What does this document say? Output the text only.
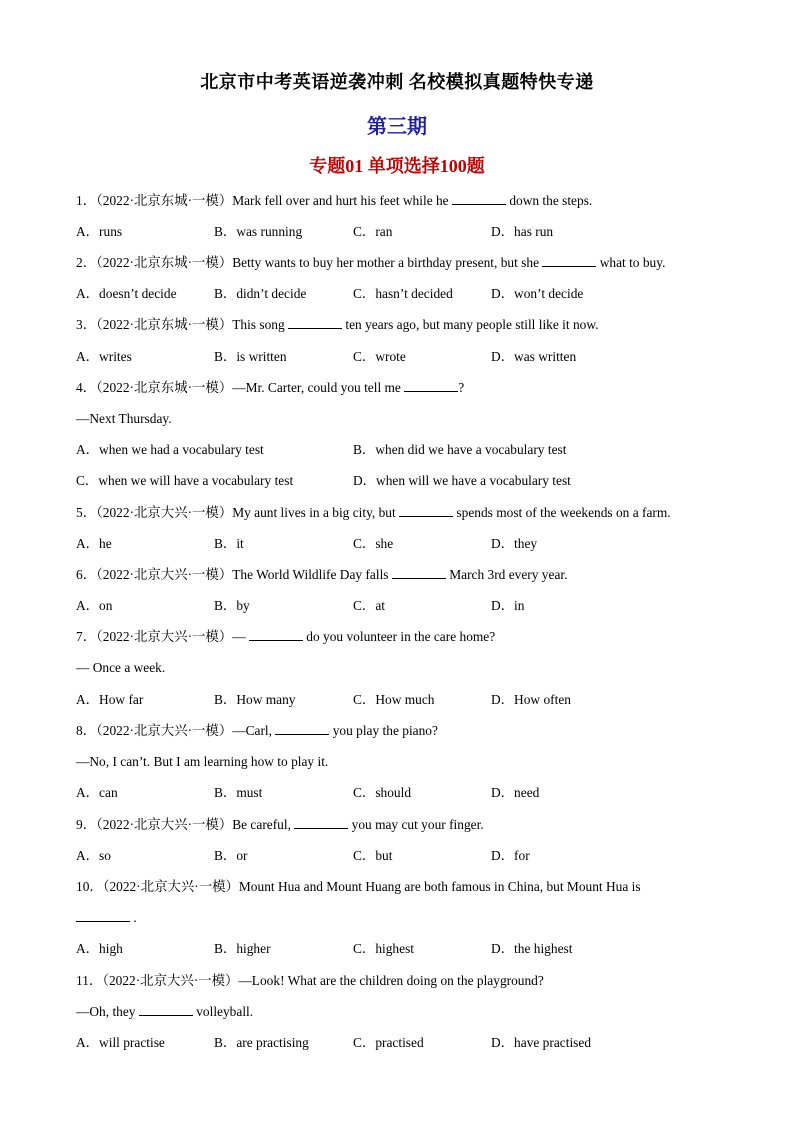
北京市中考英语逆袭冲刺 名校模拟真题特快专递
第三期
专题01 单项选择100题
1．（2022·北京东城·一模）Mark fell over and hurt his feet while he	down the steps.
A．runs	B．was running	C．ran	D．has run
2．（2022·北京东城·一模）Betty wants to buy her mother a birthday present, but she	what to buy.
A．doesn’t decide	B．didn’t decide	C．hasn’t decided	D．won’t decide
3．（2022·北京东城·一模）This song	ten years ago, but many people still like it now.
A．writes	B．is written	C．wrote	D．was written
4．（2022·北京东城·一模）—Mr. Carter, could you tell me	?
—Next Thursday.
A．when we had a vocabulary test	B．when did we have a vocabulary test
C．when we will have a vocabulary test	D．when will we have a vocabulary test
5．（2022·北京大兴·一模）My aunt lives in a big city, but	spends most of the weekends on a farm.
A．he	B．it	C．she	D．they
6．（2022·北京大兴·一模）The World Wildlife Day falls	March 3rd every year.
A．on	B．by	C．at	D．in
7．（2022·北京大兴·一模）—	do you volunteer in the care home?
— Once a week.
A．How far	B．How many	C．How much	D．How often
8．（2022·北京大兴·一模）—Carl,	you play the piano?
—No, I can’t. But I am learning how to play it.
A．can	B．must	C．should	D．need
9．（2022·北京大兴·一模）Be careful,	you may cut your finger.
A．so	B．or	C．but	D．for
10．（2022·北京大兴·一模）Mount Hua and Mount Huang are both famous in China, but Mount Hua is
.
A．high	B．higher	C．highest	D．the highest
11．（2022·北京大兴·一模）—Look! What are the children doing on the playground?
—Oh, they	volleyball.
A．will practise	B．are practising	C．practised	D．have practised
